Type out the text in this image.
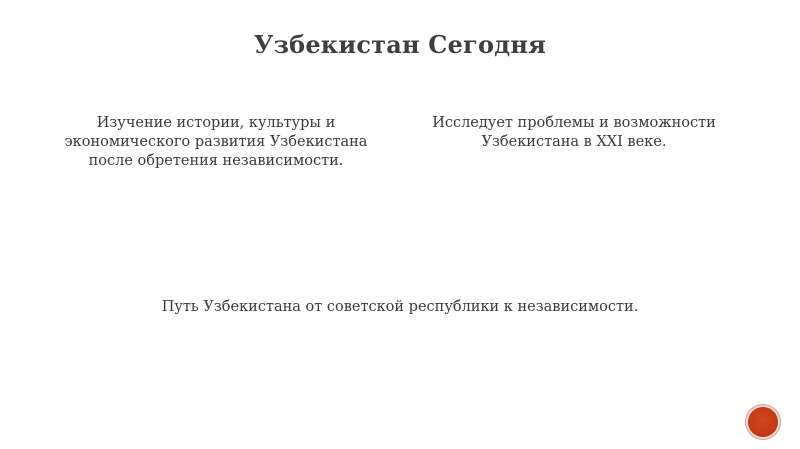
Узбекистан Сегодня
Изучение истории, культуры и экономического развития Узбекистана после обретения независимости.
Исследует проблемы и возможности Узбекистана в XXI веке.
Путь Узбекистана от советской республики к независимости.
